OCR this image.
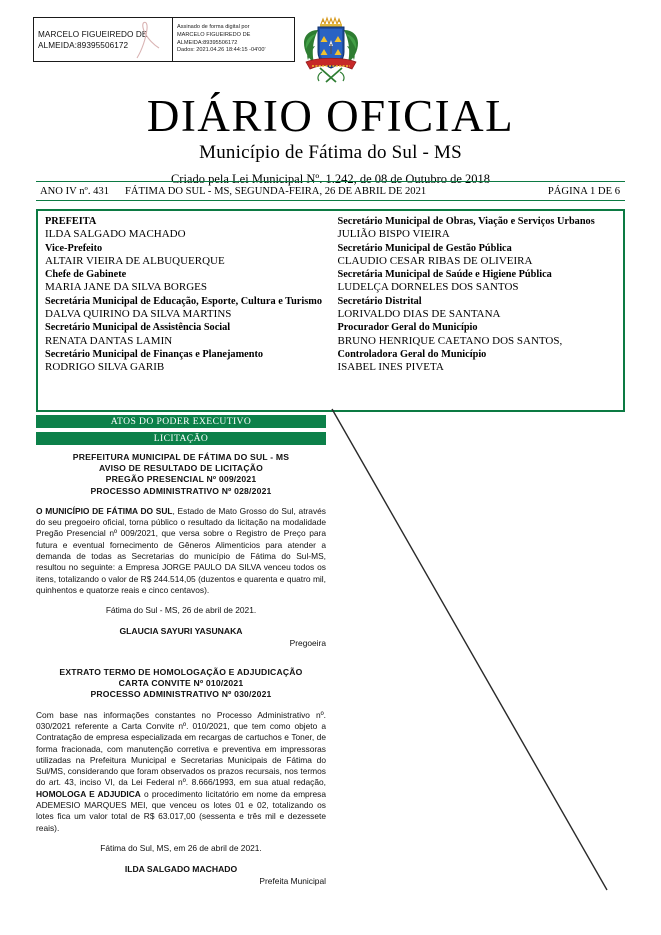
MARCELO FIGUEIREDO DE
ALMEIDA:89395506172
Assinado de forma digital por
MARCELO FIGUEIREDO DE
ALMEIDA:89395506172
Dados: 2021.04.26 18:44:15 -04'00'
DIÁRIO OFICIAL
Município de Fátima do Sul - MS
Criado pela Lei Municipal Nº. 1.242, de 08 de Outubro de 2018
ANO IV nº. 431	FÁTIMA DO SUL - MS, SEGUNDA-FEIRA, 26 DE ABRIL DE 2021	PÁGINA 1 DE 6
PREFEITA
ILDA SALGADO MACHADO
Vice-Prefeito
ALTAIR VIEIRA DE ALBUQUERQUE
Chefe de Gabinete
MARIA JANE DA SILVA BORGES
Secretária Municipal de Educação, Esporte, Cultura e Turismo
DALVA QUIRINO DA SILVA MARTINS
Secretário Municipal de Assistência Social
RENATA DANTAS LAMIN
Secretário Municipal de Finanças e Planejamento
RODRIGO SILVA GARIB
Secretário Municipal de Obras, Viação e Serviços Urbanos
JULIÃO BISPO VIEIRA
Secretário Municipal de Gestão Pública
CLAUDIO CESAR RIBAS DE OLIVEIRA
Secretária Municipal de Saúde e Higiene Pública
LUDELÇA DORNELES DOS SANTOS
Secretário Distrital
LORIVALDO DIAS DE SANTANA
Procurador Geral do Município
BRUNO HENRIQUE CAETANO DOS SANTOS,
Controladora Geral do Município
ISABEL INES PIVETA
ATOS DO PODER EXECUTIVO
LICITAÇÃO
PREFEITURA MUNICIPAL DE FÁTIMA DO SUL - MS
AVISO DE RESULTADO DE LICITAÇÃO
PREGÃO PRESENCIAL Nº 009/2021
PROCESSO ADMINISTRATIVO Nº 028/2021
O MUNICÍPIO DE FÁTIMA DO SUL, Estado de Mato Grosso do Sul, através do seu pregoeiro oficial, torna público o resultado da licitação na modalidade Pregão Presencial nº 009/2021, que versa sobre o Registro de Preço para futura e eventual fornecimento de Gêneros Alimenticios para atender a demanda de todas as Secretarias do município de Fátima do Sul-MS, resultou no seguinte: a Empresa JORGE PAULO DA SILVA venceu todos os itens, totalizando o valor de R$ 244.514,05 (duzentos e quarenta e quatro mil, quinhentos e quatorze reais e cinco centavos).
Fátima do Sul - MS, 26 de abril de 2021.
GLAUCIA SAYURI YASUNAKA
Pregoeira
EXTRATO TERMO DE HOMOLOGAÇÃO E ADJUDICAÇÃO
CARTA CONVITE Nº 010/2021
PROCESSO ADMINISTRATIVO Nº 030/2021
Com base nas informações constantes no Processo Administrativo nº. 030/2021 referente a Carta Convite nº. 010/2021, que tem como objeto a Contratação de empresa especializada em recargas de cartuchos e Toner, de forma fracionada, com manutenção corretiva e preventiva em impressoras utilizadas na Prefeitura Municipal e Secretarias Municipais de Fátima do Sul/MS, considerando que foram observados os prazos recursais, nos termos do art. 43, inciso VI, da Lei Federal nº. 8.666/1993, em sua atual redação, HOMOLOGA E ADJUDICA o procedimento licitatório em nome da empresa ADEMESIO MARQUES MEI, que venceu os lotes 01 e 02, totalizando os lotes fica um valor total de R$ 63.017,00 (sessenta e três mil e dezessete reais).
Fátima do Sul, MS, em 26 de abril de 2021.
ILDA SALGADO MACHADO
Prefeita Municipal
